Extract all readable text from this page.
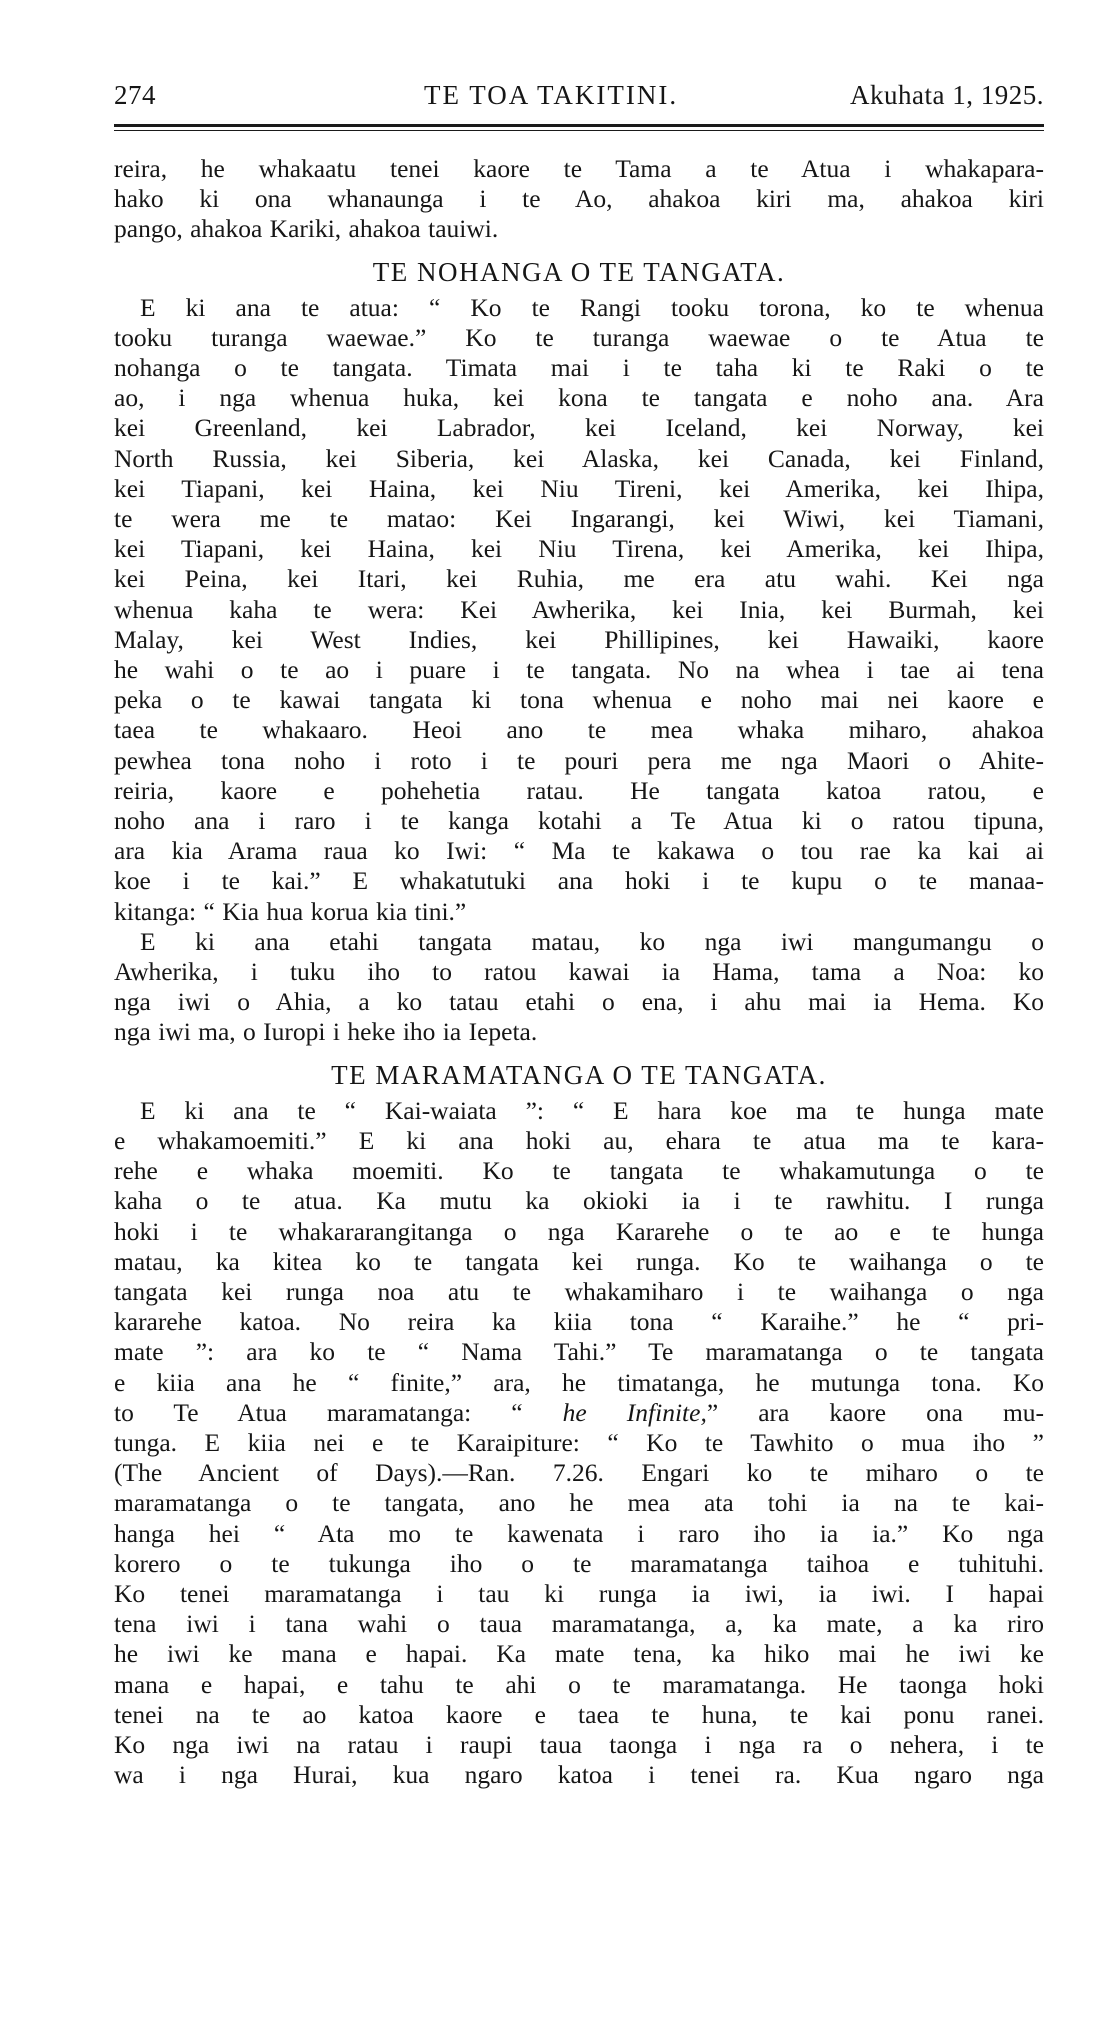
274	TE TOA TAKITINI.	Akuhata 1, 1925.
reira, he whakaatu tenei kaore te Tama a te Atua i whakapara-
hako ki ona whanaunga i te Ao, ahakoa kiri ma, ahakoa kiri
pango, ahakoa Kariki, ahakoa tauiwi.
TE NOHANGA O TE TANGATA.
E ki ana te atua: “ Ko te Rangi tooku torona, ko te whenua
tooku turanga waewae.” Ko te turanga waewae o te Atua te
nohanga o te tangata. Timata mai i te taha ki te Raki o te
ao, i nga whenua huka, kei kona te tangata e noho ana. Ara
kei Greenland, kei Labrador, kei Iceland, kei Norway, kei
North Russia, kei Siberia, kei Alaska, kei Canada, kei Finland,
kei Tiapani, kei Haina, kei Niu Tireni, kei Amerika, kei Ihipa,
te wera me te matao: Kei Ingarangi, kei Wiwi, kei Tiamani,
kei Tiapani, kei Haina, kei Niu Tirena, kei Amerika, kei Ihipa,
kei Peina, kei Itari, kei Ruhia, me era atu wahi. Kei nga
whenua kaha te wera: Kei Awherika, kei Inia, kei Burmah, kei
Malay, kei West Indies, kei Phillipines, kei Hawaiki, kaore
he wahi o te ao i puare i te tangata. No na whea i tae ai tena
peka o te kawai tangata ki tona whenua e noho mai nei kaore e
taea te whakaaro. Heoi ano te mea whaka miharo, ahakoa
pewhea tona noho i roto i te pouri pera me nga Maori o Ahite-
reiria, kaore e pohehetia ratau. He tangata katoa ratou, e
noho ana i raro i te kanga kotahi a Te Atua ki o ratou tipuna,
ara kia Arama raua ko Iwi: “ Ma te kakawa o tou rae ka kai ai
koe i te kai.” E whakatutuki ana hoki i te kupu o te manaa-
kitanga: “ Kia hua korua kia tini.”
E ki ana etahi tangata matau, ko nga iwi mangumangu o
Awherika, i tuku iho to ratou kawai ia Hama, tama a Noa: ko
nga iwi o Ahia, a ko tatau etahi o ena, i ahu mai ia Hema. Ko
nga iwi ma, o Iuropi i heke iho ia Iepeta.
TE MARAMATANGA O TE TANGATA.
E ki ana te “ Kai-waiata ”: “ E hara koe ma te hunga mate
e whakamoemiti.” E ki ana hoki au, ehara te atua ma te kara-
rehe e whaka moemiti. Ko te tangata te whakamutunga o te
kaha o te atua. Ka mutu ka okioki ia i te rawhitu. I runga
hoki i te whakararangitanga o nga Kararehe o te ao e te hunga
matau, ka kitea ko te tangata kei runga. Ko te waihanga o te
tangata kei runga noa atu te whakamiharo i te waihanga o nga
kararehe katoa. No reira ka kiia tona “ Karaihe.” he “ pri-
mate ”: ara ko te “ Nama Tahi.” Te maramatanga o te tangata
e kiia ana he “ finite,” ara, he timatanga, he mutunga tona. Ko
to Te Atua maramatanga: “ he Infinite,” ara kaore ona mu-
tunga. E kiia nei e te Karaipiture: “ Ko te Tawhito o mua iho ”
(The Ancient of Days).—Ran. 7.26. Engari ko te miharo o te
maramatanga o te tangata, ano he mea ata tohi ia na te kai-
hanga hei “ Ata mo te kawenata i raro iho ia ia.” Ko nga
korero o te tukunga iho o te maramatanga taihoa e tuhituhi.
Ko tenei maramatanga i tau ki runga ia iwi, ia iwi. I hapai
tena iwi i tana wahi o taua maramatanga, a, ka mate, a ka riro
he iwi ke mana e hapai. Ka mate tena, ka hiko mai he iwi ke
mana e hapai, e tahu te ahi o te maramatanga. He taonga hoki
tenei na te ao katoa kaore e taea te huna, te kai ponu ranei.
Ko nga iwi na ratau i raupi taua taonga i nga ra o nehera, i te
wa i nga Hurai, kua ngaro katoa i tenei ra. Kua ngaro nga
